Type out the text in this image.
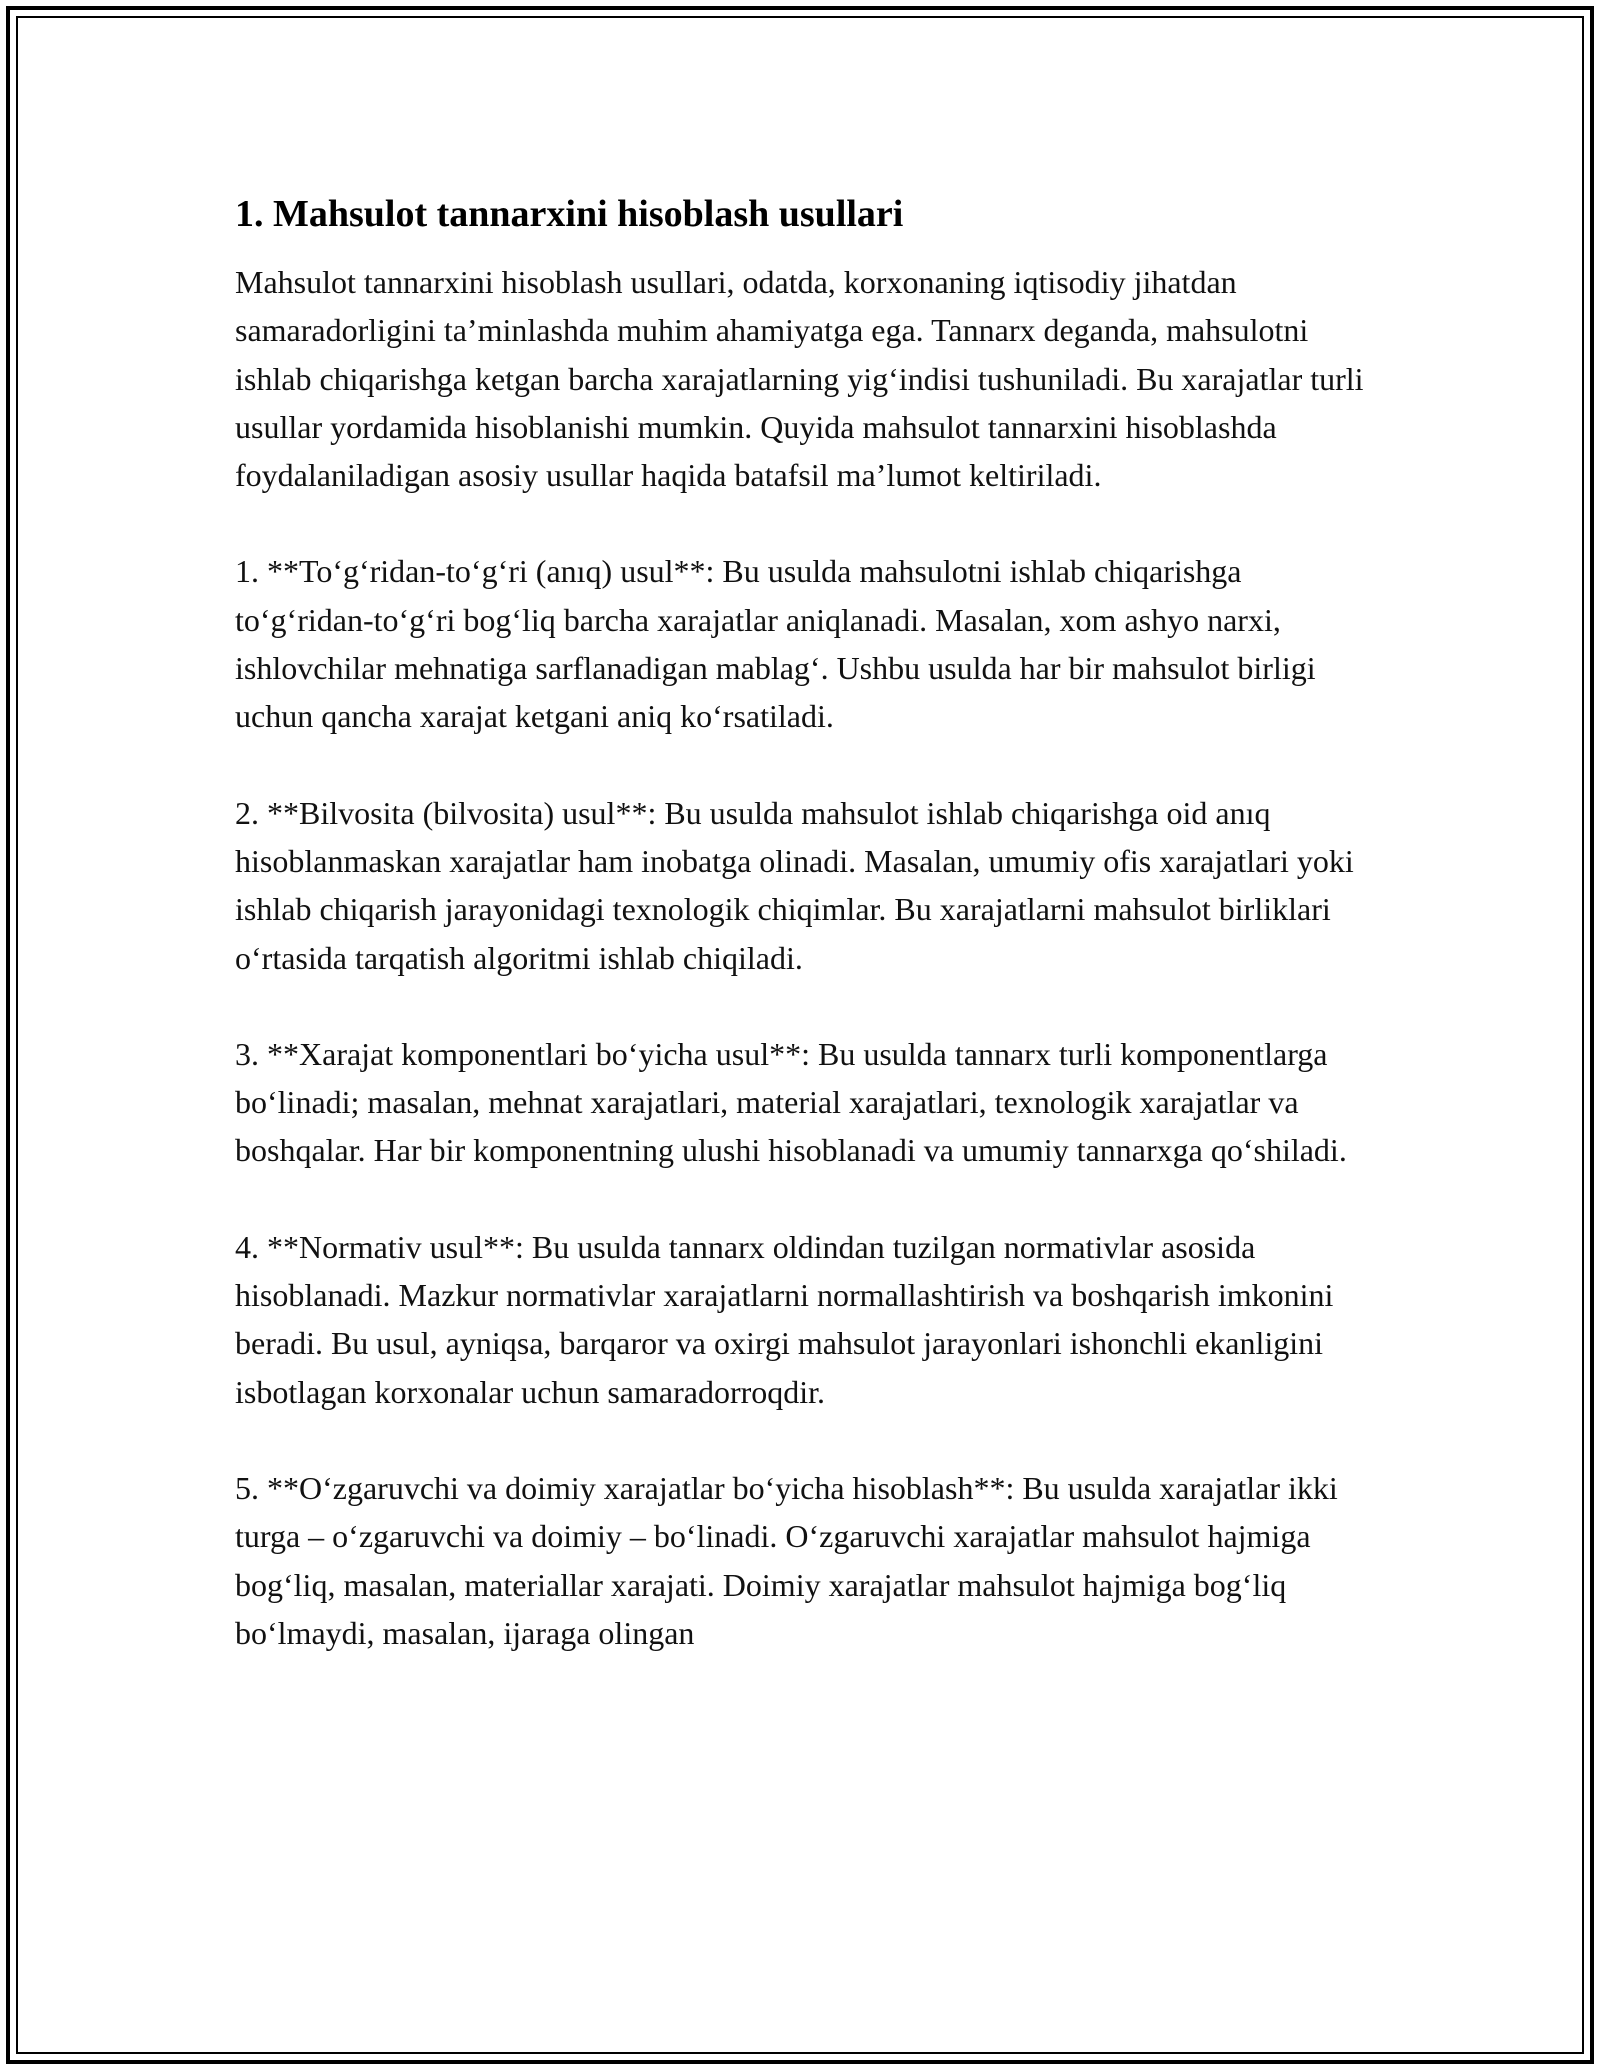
1. Mahsulot tannarxini hisoblash usullari

Mahsulot tannarxini hisoblash usullari, odatda, korxonaning iqtisodiy jihatdan samaradorligini ta’minlashda muhim ahamiyatga ega. Tannarx deganda, mahsulotni ishlab chiqarishga ketgan barcha xarajatlarning yig‘indisi tushuniladi. Bu xarajatlar turli usullar yordamida hisoblanishi mumkin. Quyida mahsulot tannarxini hisoblashda foydalaniladigan asosiy usullar haqida batafsil ma’lumot keltiriladi.

1. **To‘g‘ridan-to‘g‘ri (anıq) usul**: Bu usulda mahsulotni ishlab chiqarishga to‘g‘ridan-to‘g‘ri bog‘liq barcha xarajatlar aniqlanadi. Masalan, xom ashyo narxi, ishlovchilar mehnatiga sarflanadigan mablag‘. Ushbu usulda har bir mahsulot birligi uchun qancha xarajat ketgani aniq ko‘rsatiladi.

2. **Bilvosita (bilvosita) usul**: Bu usulda mahsulot ishlab chiqarishga oid anıq hisoblanmaskan xarajatlar ham inobatga olinadi. Masalan, umumiy ofis xarajatlari yoki ishlab chiqarish jarayonidagi texnologik chiqimlar. Bu xarajatlarni mahsulot birliklari o‘rtasida tarqatish algoritmi ishlab chiqiladi.

3. **Xarajat komponentlari bo‘yicha usul**: Bu usulda tannarx turli komponentlarga bo‘linadi; masalan, mehnat xarajatlari, material xarajatlari, texnologik xarajatlar va boshqalar. Har bir komponentning ulushi hisoblanadi va umumiy tannarxga qo‘shiladi.

4. **Normativ usul**: Bu usulda tannarx oldindan tuzilgan normativlar asosida hisoblanadi. Mazkur normativlar xarajatlarni normallashtirish va boshqarish imkonini beradi. Bu usul, ayniqsa, barqaror va oxirgi mahsulot jarayonlari ishonchli ekanligini isbotlagan korxonalar uchun samaradorroqdir.

5. **O‘zgaruvchi va doimiy xarajatlar bo‘yicha hisoblash**: Bu usulda xarajatlar ikki turga – o‘zgaruvchi va doimiy – bo‘linadi. O‘zgaruvchi xarajatlar mahsulot hajmiga bog‘liq, masalan, materiallar xarajati. Doimiy xarajatlar mahsulot hajmiga bog‘liq bo‘lmaydi, masalan, ijaraga olingan
